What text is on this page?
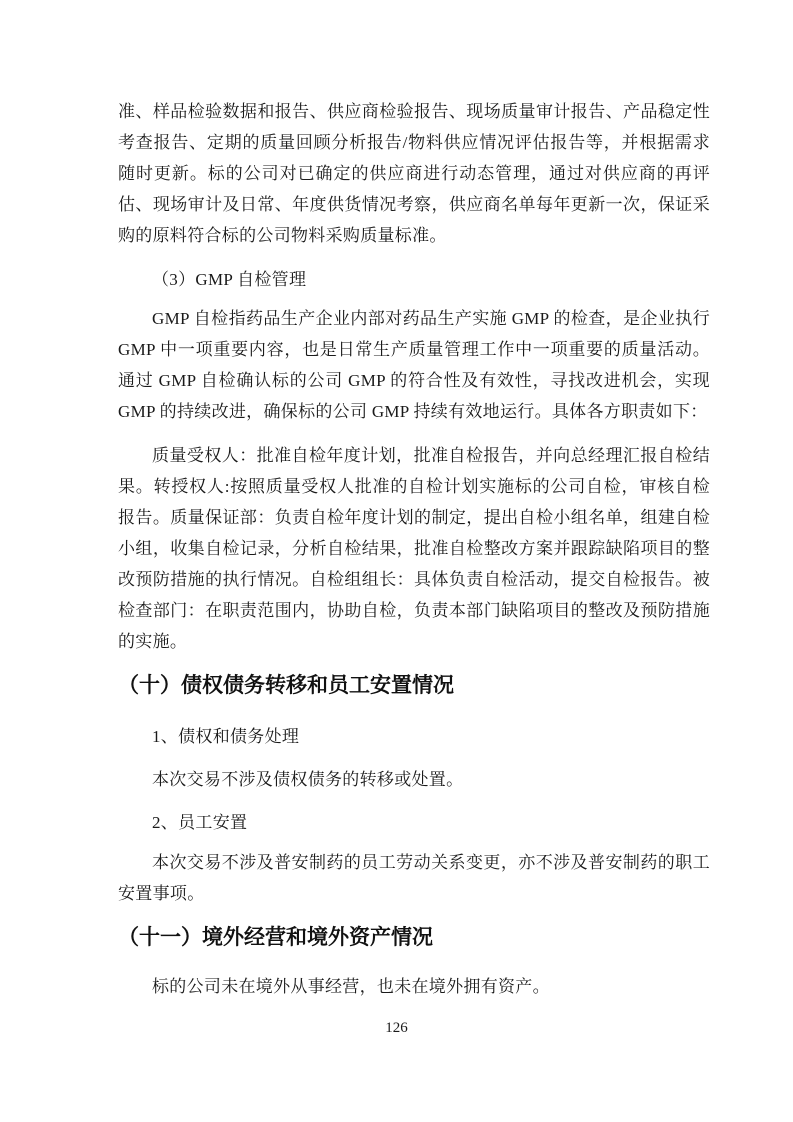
准、样品检验数据和报告、供应商检验报告、现场质量审计报告、产品稳定性考查报告、定期的质量回顾分析报告/物料供应情况评估报告等，并根据需求随时更新。标的公司对已确定的供应商进行动态管理，通过对供应商的再评估、现场审计及日常、年度供货情况考察，供应商名单每年更新一次，保证采购的原料符合标的公司物料采购质量标准。

（3）GMP 自检管理

GMP 自检指药品生产企业内部对药品生产实施 GMP 的检查，是企业执行 GMP 中一项重要内容，也是日常生产质量管理工作中一项重要的质量活动。通过 GMP 自检确认标的公司 GMP 的符合性及有效性，寻找改进机会，实现 GMP 的持续改进，确保标的公司 GMP 持续有效地运行。具体各方职责如下：

质量受权人：批准自检年度计划，批准自检报告，并向总经理汇报自检结果。转授权人:按照质量受权人批准的自检计划实施标的公司自检，审核自检报告。质量保证部：负责自检年度计划的制定，提出自检小组名单，组建自检小组，收集自检记录，分析自检结果，批准自检整改方案并跟踪缺陷项目的整改预防措施的执行情况。自检组组长：具体负责自检活动，提交自检报告。被检查部门：在职责范围内，协助自检，负责本部门缺陷项目的整改及预防措施的实施。

（十）债权债务转移和员工安置情况

1、债权和债务处理

本次交易不涉及债权债务的转移或处置。

2、员工安置

本次交易不涉及普安制药的员工劳动关系变更，亦不涉及普安制药的职工安置事项。

（十一）境外经营和境外资产情况

标的公司未在境外从事经营，也未在境外拥有资产。

126
